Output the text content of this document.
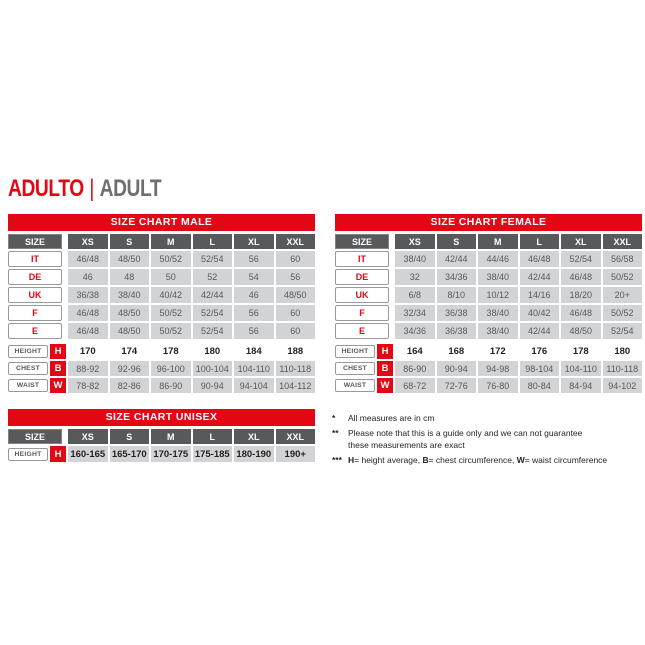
ADULTO | ADULT
SIZE CHART MALE
SIZE	XS	S	M	L	XL	XXL
IT	46/48	48/50	50/52	52/54	56	60
DE	46	48	50	52	54	56
UK	36/38	38/40	40/42	42/44	46	48/50
F	46/48	48/50	50/52	52/54	56	60
E	46/48	48/50	50/52	52/54	56	60
HEIGHT	H	170	174	178	180	184	188
CHEST	B	88-92	92-96	96-100	100-104 104-110	110-118
WAIST	W	78-82	82-86	86-90	90-94	94-104	104-112
SIZE CHART FEMALE
SIZE	XS	S	M	L	XL	XXL
IT	38/40	42/44	44/46	46/48	52/54	56/58
DE	32	34/36	38/40	42/44	46/48	50/52
UK	6/8	8/10	10/12	14/16	18/20	20+
F	32/34	36/38	38/40	40/42	46/48	50/52
E	34/36	36/38	38/40	42/44	48/50	52/54
HEIGHT	H	164	168	172	176	178	180
CHEST	B	86-90	90-94	94-98	98-104	104-110	110-118
WAIST	W	68-72	72-76	76-80	80-84	84-94	94-102
SIZE CHART UNISEX
SIZE	XS	S	M	L	XL	XXL
HEIGHT	H 160-165 165-170 170-175 175-185 180-190	190+
*	All measures are in cm
**	Please note that this is a guide only and we can not guarantee
these measurements are exact
*** H= height average, B= chest circumference, W= waist circumference
